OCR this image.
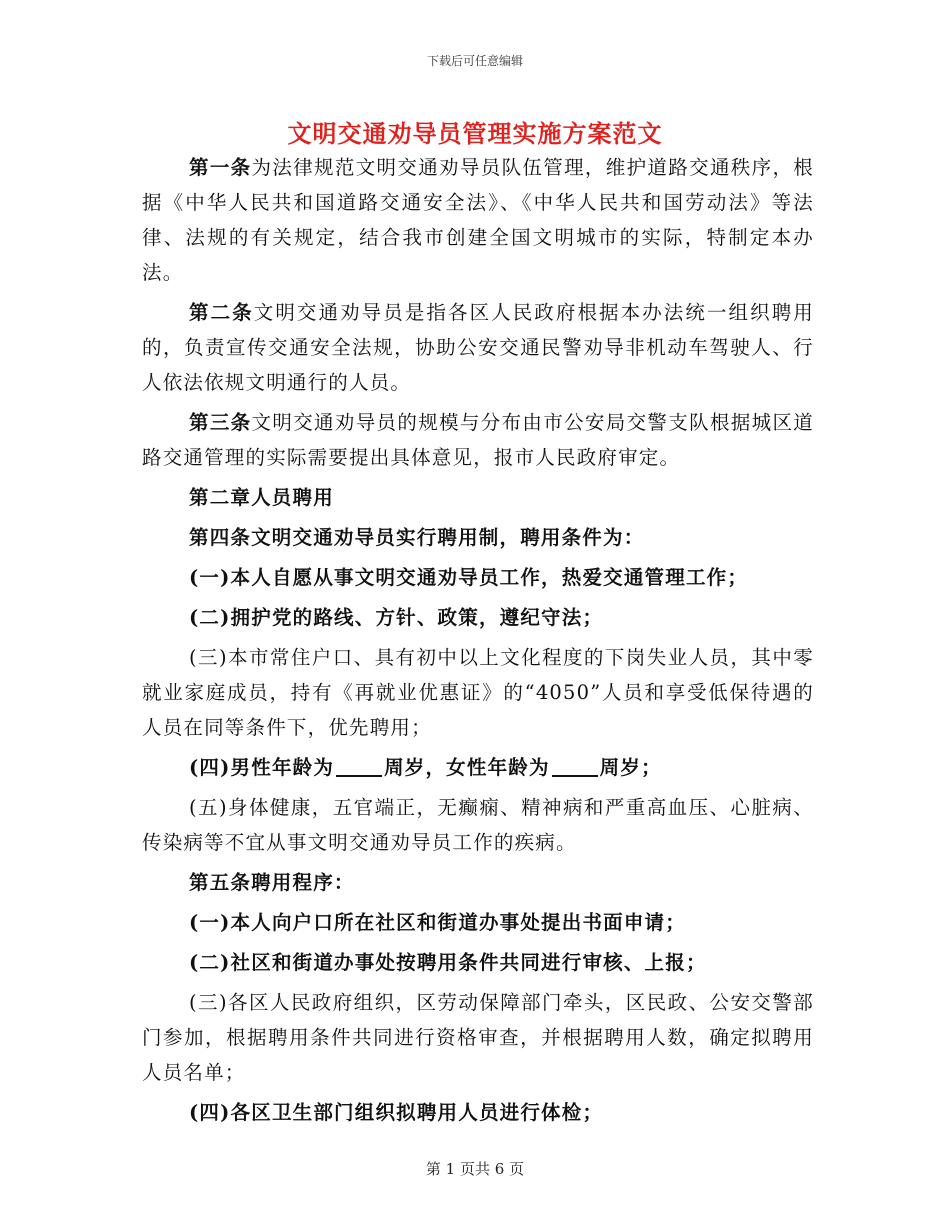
下载后可任意编辑
文明交通劝导员管理实施方案范文

第一条为法律规范文明交通劝导员队伍管理，维护道路交通秩序，根据《中华人民共和国道路交通安全法》、《中华人民共和国劳动法》等法律、法规的有关规定，结合我市创建全国文明城市的实际，特制定本办法。

第二条文明交通劝导员是指各区人民政府根据本办法统一组织聘用的，负责宣传交通安全法规，协助公安交通民警劝导非机动车驾驶人、行人依法依规文明通行的人员。

第三条文明交通劝导员的规模与分布由市公安局交警支队根据城区道路交通管理的实际需要提出具体意见，报市人民政府审定。

第二章人员聘用

第四条文明交通劝导员实行聘用制，聘用条件为：

(一)本人自愿从事文明交通劝导员工作，热爱交通管理工作；

(二)拥护党的路线、方针、政策，遵纪守法；

(三)本市常住户口、具有初中以上文化程度的下岗失业人员，其中零就业家庭成员，持有《再就业优惠证》的“4050”人员和享受低保待遇的人员在同等条件下，优先聘用；

(四)男性年龄为	周岁，女性年龄为	周岁；

(五)身体健康，五官端正，无癫痫、精神病和严重高血压、心脏病、传染病等不宜从事文明交通劝导员工作的疾病。

第五条聘用程序：

(一)本人向户口所在社区和街道办事处提出书面申请；

(二)社区和街道办事处按聘用条件共同进行审核、上报；

(三)各区人民政府组织，区劳动保障部门牵头，区民政、公安交警部门参加，根据聘用条件共同进行资格审查，并根据聘用人数，确定拟聘用人员名单；

(四)各区卫生部门组织拟聘用人员进行体检；

第 1 页共 6 页
